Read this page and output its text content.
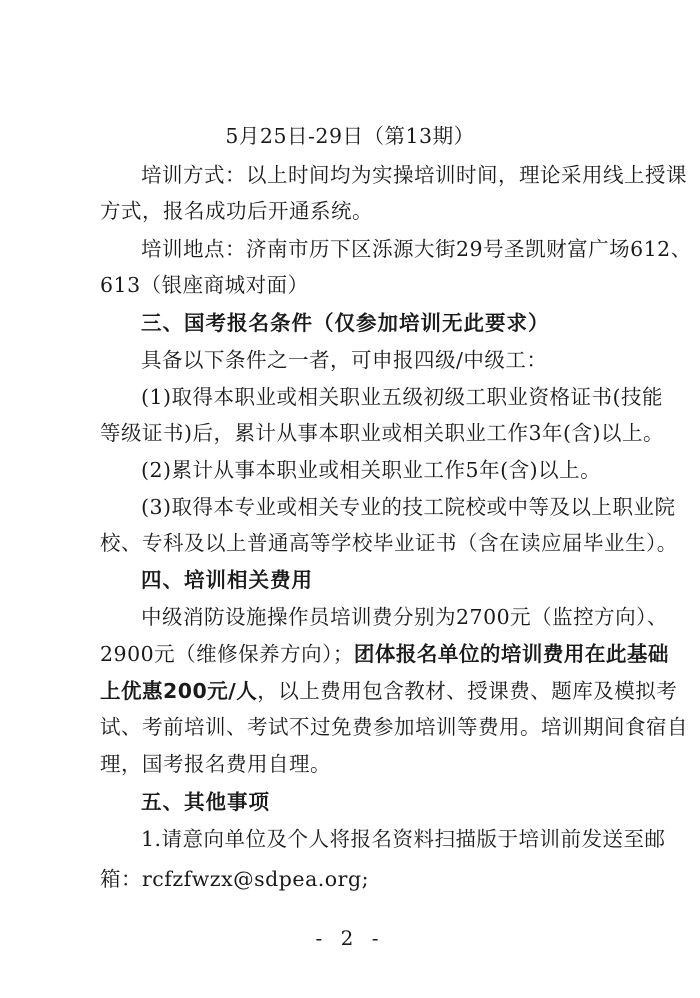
5月25日-29日（第13期）
培训方式：以上时间均为实操培训时间，理论采用线上授课
方式，报名成功后开通系统。
培训地点：济南市历下区泺源大街29号圣凯财富广场612、
613（银座商城对面）
三、国考报名条件（仅参加培训无此要求）
具备以下条件之一者，可申报四级/中级工：
(1)取得本职业或相关职业五级初级工职业资格证书(技能
等级证书)后，累计从事本职业或相关职业工作3年(含)以上。
(2)累计从事本职业或相关职业工作5年(含)以上。
(3)取得本专业或相关专业的技工院校或中等及以上职业院
校、专科及以上普通高等学校毕业证书（含在读应届毕业生）。
四、培训相关费用
中级消防设施操作员培训费分别为2700元（监控方向）、
2900元（维修保养方向）；团体报名单位的培训费用在此基础
上优惠200元/人，以上费用包含教材、授课费、题库及模拟考
试、考前培训、考试不过免费参加培训等费用。培训期间食宿自
理，国考报名费用自理。
五、其他事项
1.请意向单位及个人将报名资料扫描版于培训前发送至邮
箱：rcfzfwzx@sdpea.org;
- 2 -
